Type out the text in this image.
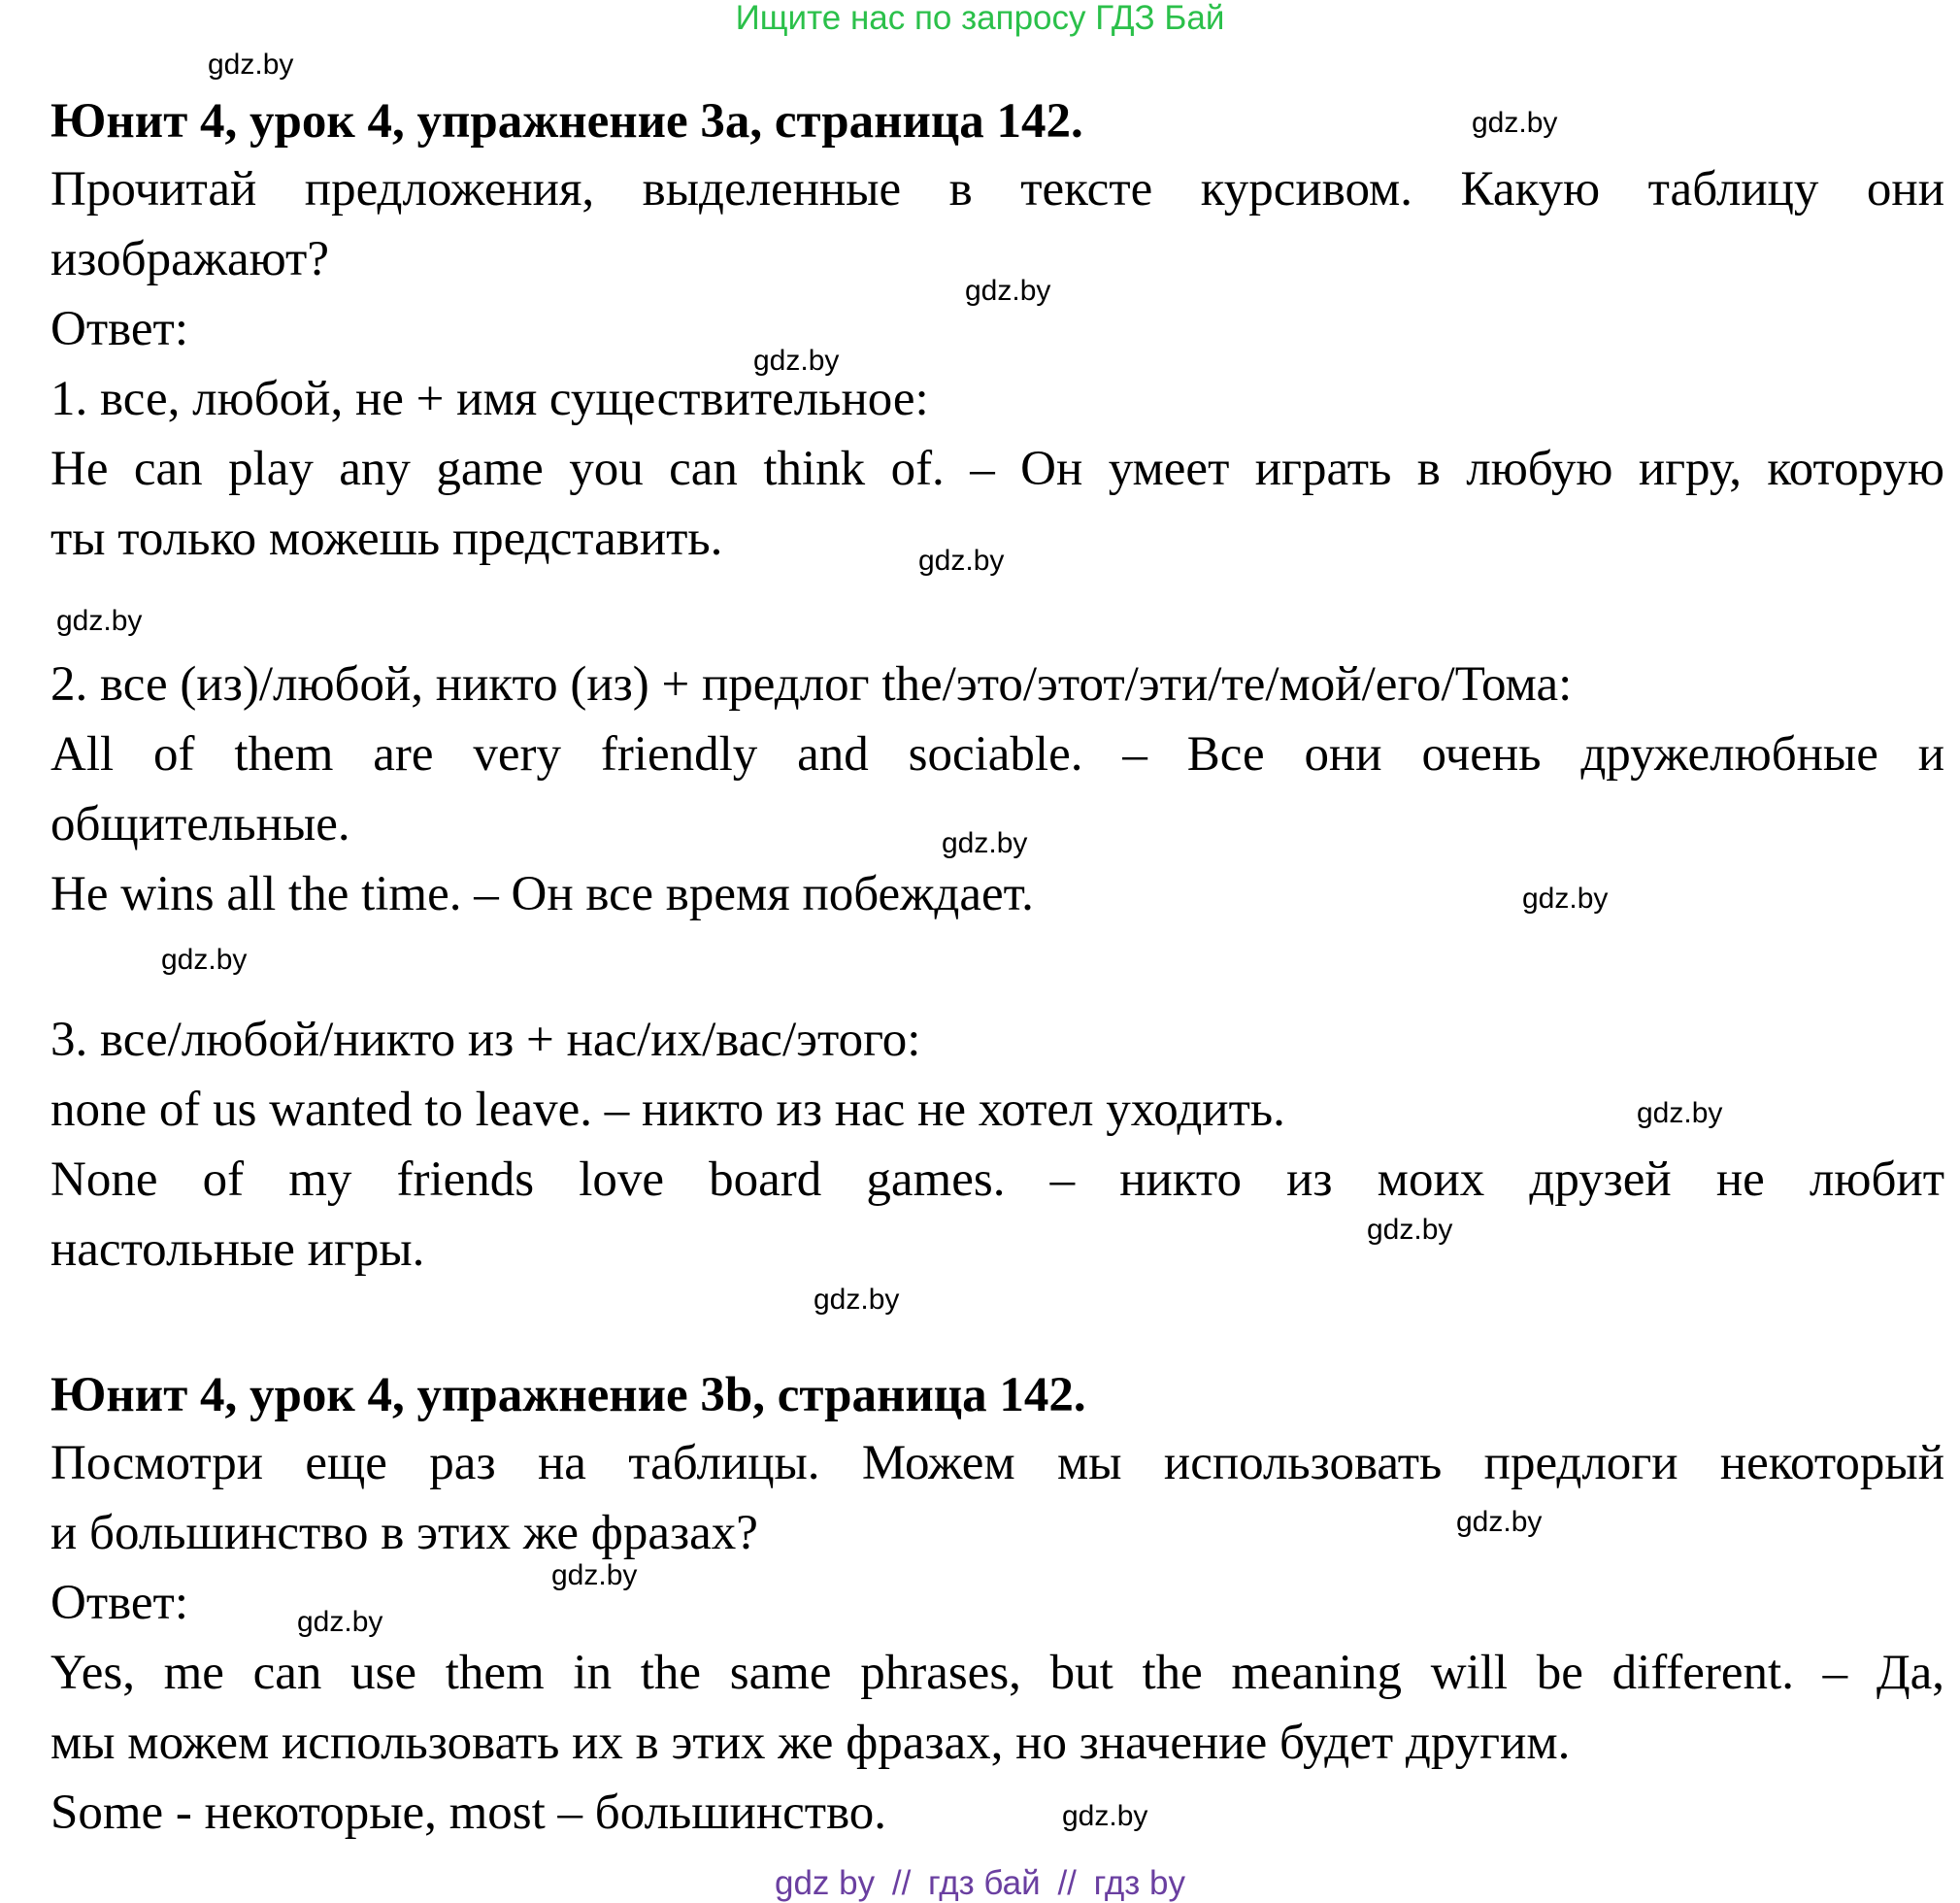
Ищите нас по запросу ГДЗ Бай
Юнит 4, урок 4, упражнение 3a, страница 142.
Прочитай предложения, выделенные в тексте курсивом. Какую таблицу они
изображают?
Ответ:
1. все, любой, не + имя существительное:
He can play any game you can think of. – Он умеет играть в любую игру, которую
ты только можешь представить.
2. все (из)/любой, никто (из) + предлог the/это/этот/эти/те/мой/его/Тома:
All of them are very friendly and sociable. – Все они очень дружелюбные и
общительные.
He wins all the time. – Он все время побеждает.
3. все/любой/никто из + нас/их/вас/этого:
none of us wanted to leave. – никто из нас не хотел уходить.
None of my friends love board games. – никто из моих друзей не любит
настольные игры.
Юнит 4, урок 4, упражнение 3b, страница 142.
Посмотри еще раз на таблицы. Можем мы использовать предлоги некоторый
и большинство в этих же фразах?
Ответ:
Yes, me can use them in the same phrases, but the meaning will be different. – Да,
мы можем использовать их в этих же фразах, но значение будет другим.
Some - некоторые, most – большинство.
gdz.by
gdz.by
gdz.by
gdz.by
gdz.by
gdz.by
gdz.by
gdz.by
gdz.by
gdz.by
gdz.by
gdz.by
gdz.by
gdz.by
gdz.by
gdz.by
gdz by // гдз бай // гдз by
